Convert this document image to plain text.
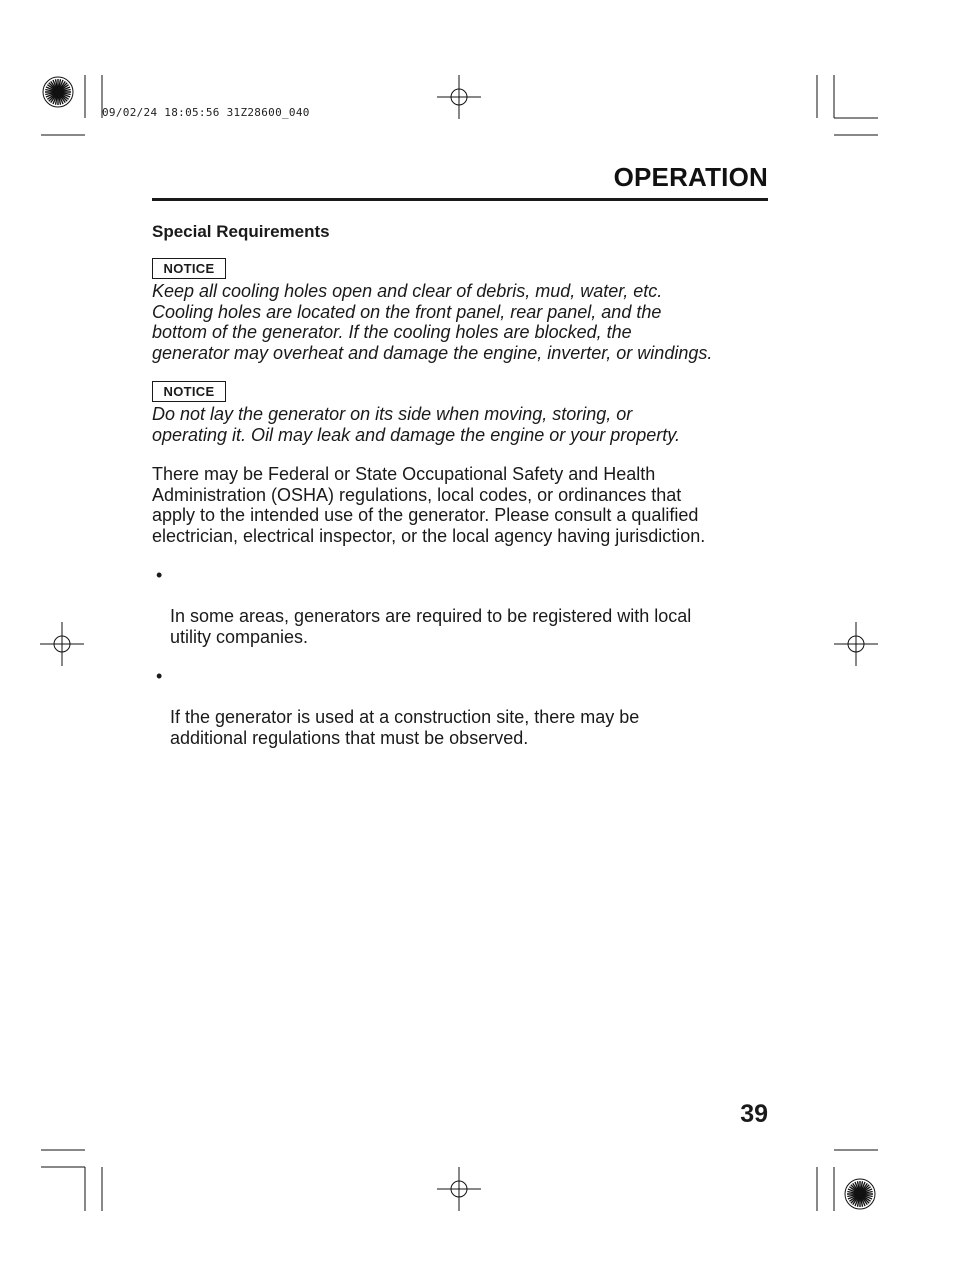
09/02/24 18:05:56 31Z28600_040
OPERATION
Special Requirements
NOTICE

Keep all cooling holes open and clear of debris, mud, water, etc.
Cooling holes are located on the front panel, rear panel, and the
bottom of the generator. If the cooling holes are blocked, the
generator may overheat and damage the engine, inverter, or windings.

NOTICE

Do not lay the generator on its side when moving, storing, or
operating it. Oil may leak and damage the engine or your property.

There may be Federal or State Occupational Safety and Health
Administration (OSHA) regulations, local codes, or ordinances that
apply to the intended use of the generator. Please consult a qualified
electrician, electrical inspector, or the local agency having jurisdiction.

•

In some areas, generators are required to be registered with local
utility companies.

•

If the generator is used at a construction site, there may be
additional regulations that must be observed.

39
